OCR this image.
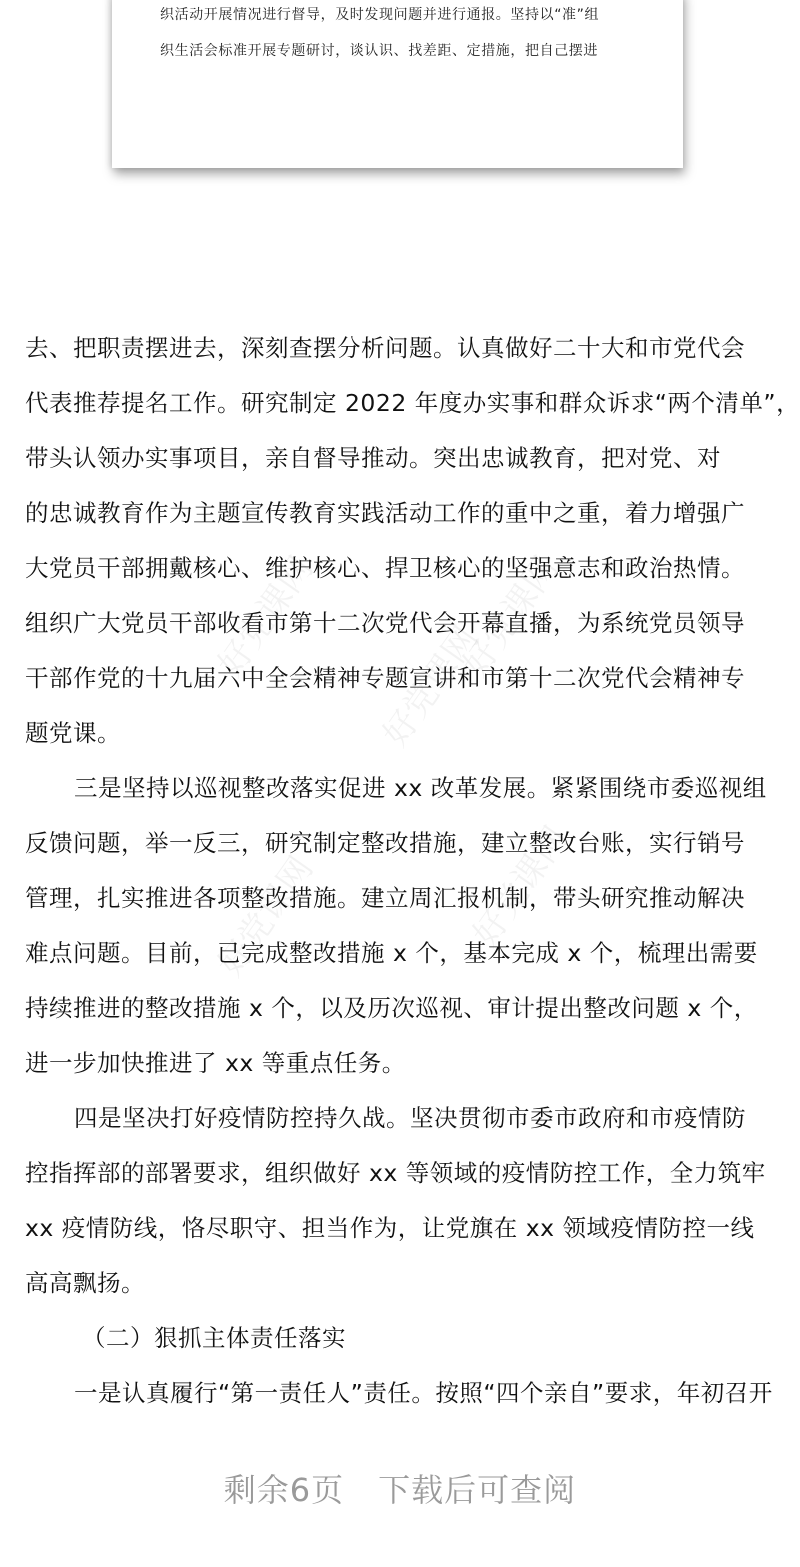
织活动开展情况进行督导，及时发现问题并进行通报。坚持以“准”组
织生活会标准开展专题研讨，谈认识、找差距、定措施，把自己摆进
好党课网
好党课网
好党课网
好党课网	好党课网
去、把职责摆进去，深刻查摆分析问题。认真做好二十大和市党代会
代表推荐提名工作。研究制定 2022 年度办实事和群众诉求“两个清单”，
带头认领办实事项目，亲自督导推动。突出忠诚教育，把对党、对
的忠诚教育作为主题宣传教育实践活动工作的重中之重，着力增强广
大党员干部拥戴核心、维护核心、捍卫核心的坚强意志和政治热情。
组织广大党员干部收看市第十二次党代会开幕直播，为系统党员领导
干部作党的十九届六中全会精神专题宣讲和市第十二次党代会精神专
题党课。
三是坚持以巡视整改落实促进 xx 改革发展。紧紧围绕市委巡视组
反馈问题，举一反三，研究制定整改措施，建立整改台账，实行销号
管理，扎实推进各项整改措施。建立周汇报机制，带头研究推动解决
难点问题。目前，已完成整改措施 x 个，基本完成 x 个，梳理出需要
持续推进的整改措施 x 个，以及历次巡视、审计提出整改问题 x 个，
进一步加快推进了 xx 等重点任务。
四是坚决打好疫情防控持久战。坚决贯彻市委市政府和市疫情防
控指挥部的部署要求，组织做好 xx 等领域的疫情防控工作，全力筑牢
xx 疫情防线，恪尽职守、担当作为，让党旗在 xx 领域疫情防控一线
高高飘扬。
（二）狠抓主体责任落实
一是认真履行“第一责任人”责任。按照“四个亲自”要求，年初召开
剩余6页 下载后可查阅
